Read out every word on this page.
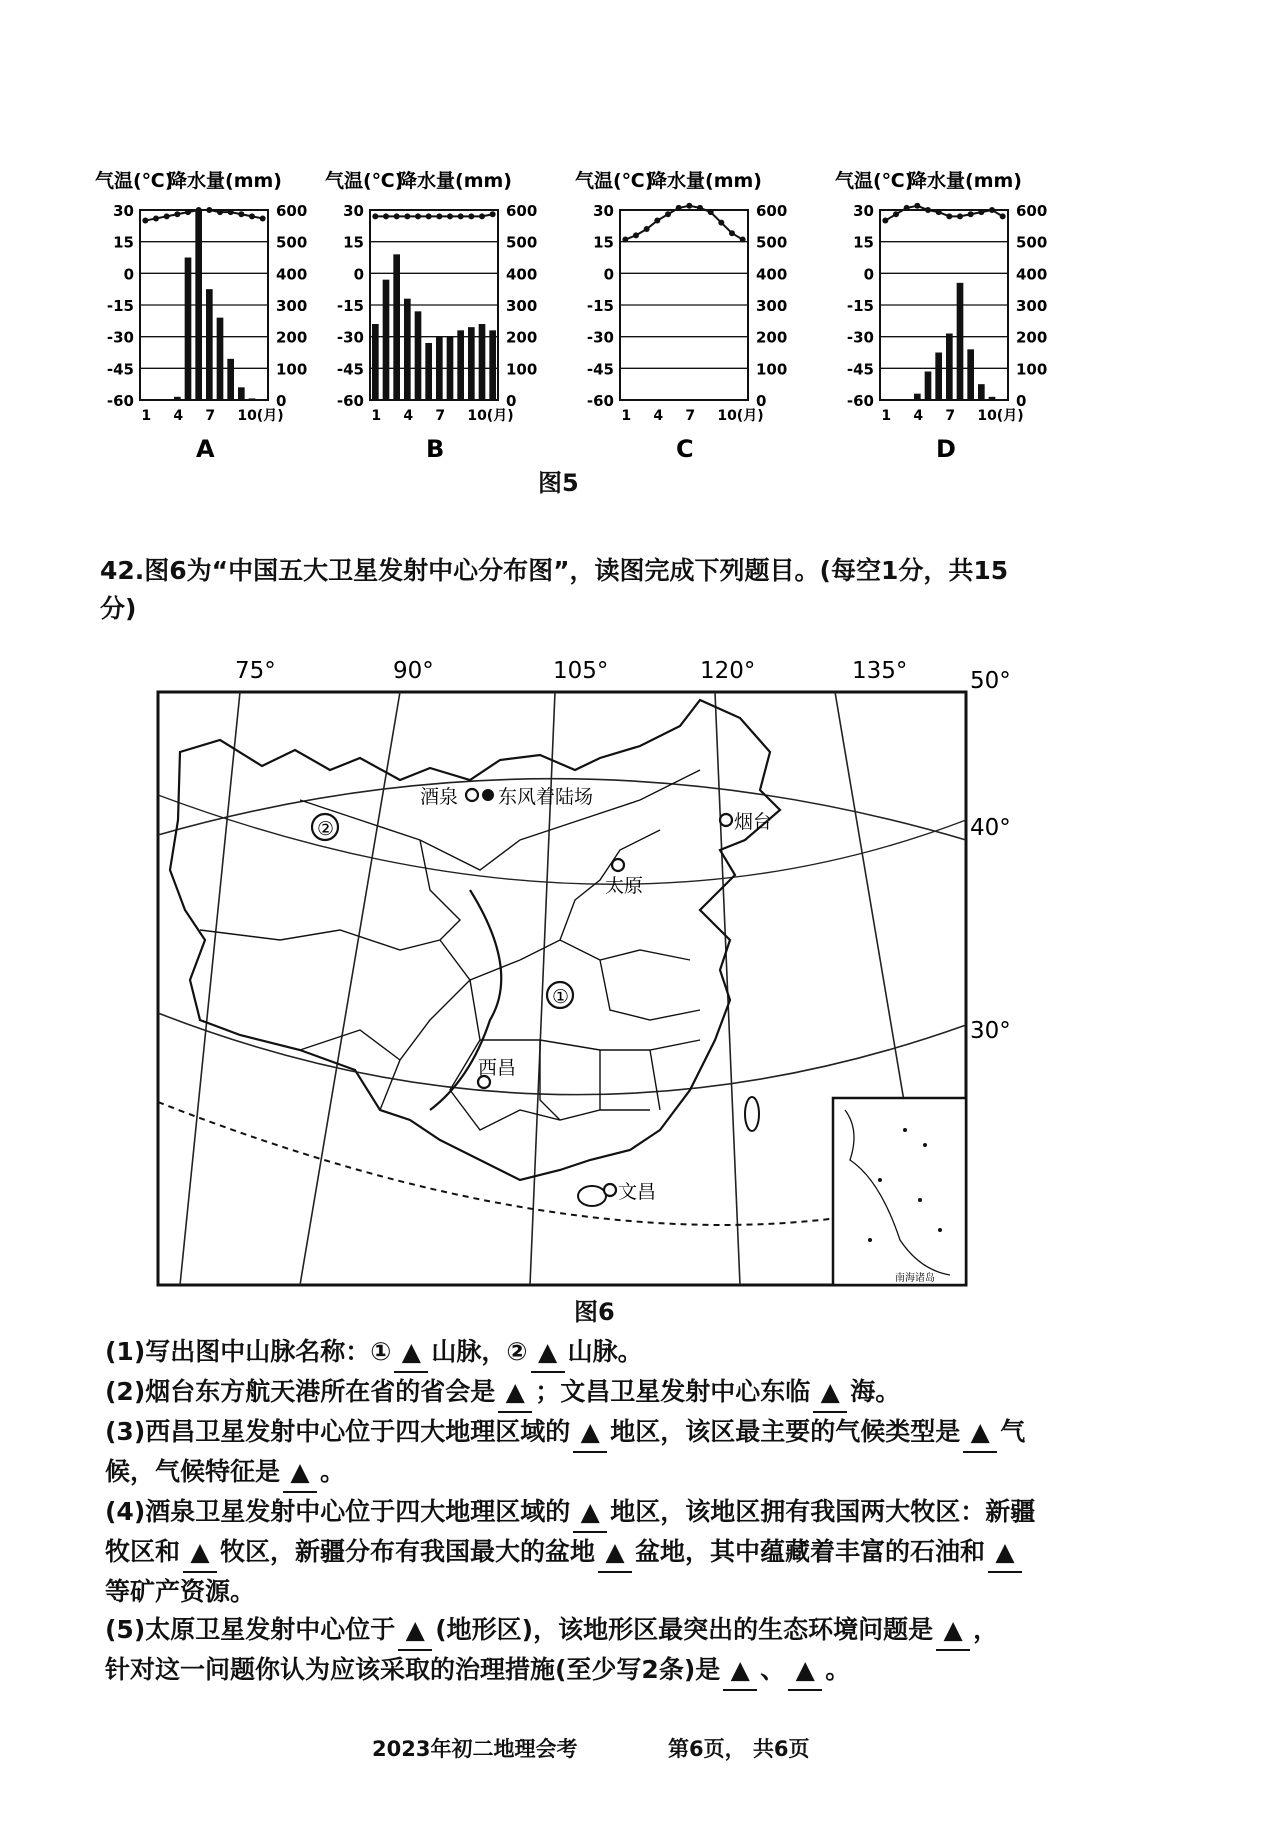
气温(℃)
降水量(mm)
30	600
15	500
0	400
-15	300
-30	200
-45	100
-60	0
1 4 7 10(月)
A
气温(℃)
降水量(mm)
30	600
15	500
0	400
-15	300
-30	200
-45	100
-60	0
1 4 7 10(月)
B
气温(℃)
降水量(mm)
30	600
15	500
0	400
-15	300
-30	200
-45	100
-60	0
1 4 7 10(月)
C
气温(℃)
降水量(mm)
30	600
15	500
0	400
-15	300
-30	200
-45	100
-60	0
1 4 7 10(月)
D
图5
42.图6为“中国五大卫星发射中心分布图”，读图完成下列题目。(每空1分，共15
分)
75°	90°	105°	120°	135°	50°
40°
30°
②
①
酒泉 东风着陆场
太原
烟台
西昌
文昌
南海诸岛
图6
(1)写出图中山脉名称：① ▲ 山脉，② ▲ 山脉。
(2)烟台东方航天港所在省的省会是 ▲ ；文昌卫星发射中心东临 ▲ 海。
(3)西昌卫星发射中心位于四大地理区域的 ▲ 地区，该区最主要的气候类型是 ▲ 气
候，气候特征是 ▲ 。
(4)酒泉卫星发射中心位于四大地理区域的 ▲ 地区，该地区拥有我国两大牧区：新疆
牧区和 ▲ 牧区，新疆分布有我国最大的盆地 ▲ 盆地，其中蕴藏着丰富的石油和 ▲
等矿产资源。
(5)太原卫星发射中心位于 ▲ (地形区)，该地形区最突出的生态环境问题是 ▲ ，
针对这一问题你认为应该采取的治理措施(至少写2条)是 ▲ 、 ▲ 。
2023年初二地理会考	第6页， 共6页
